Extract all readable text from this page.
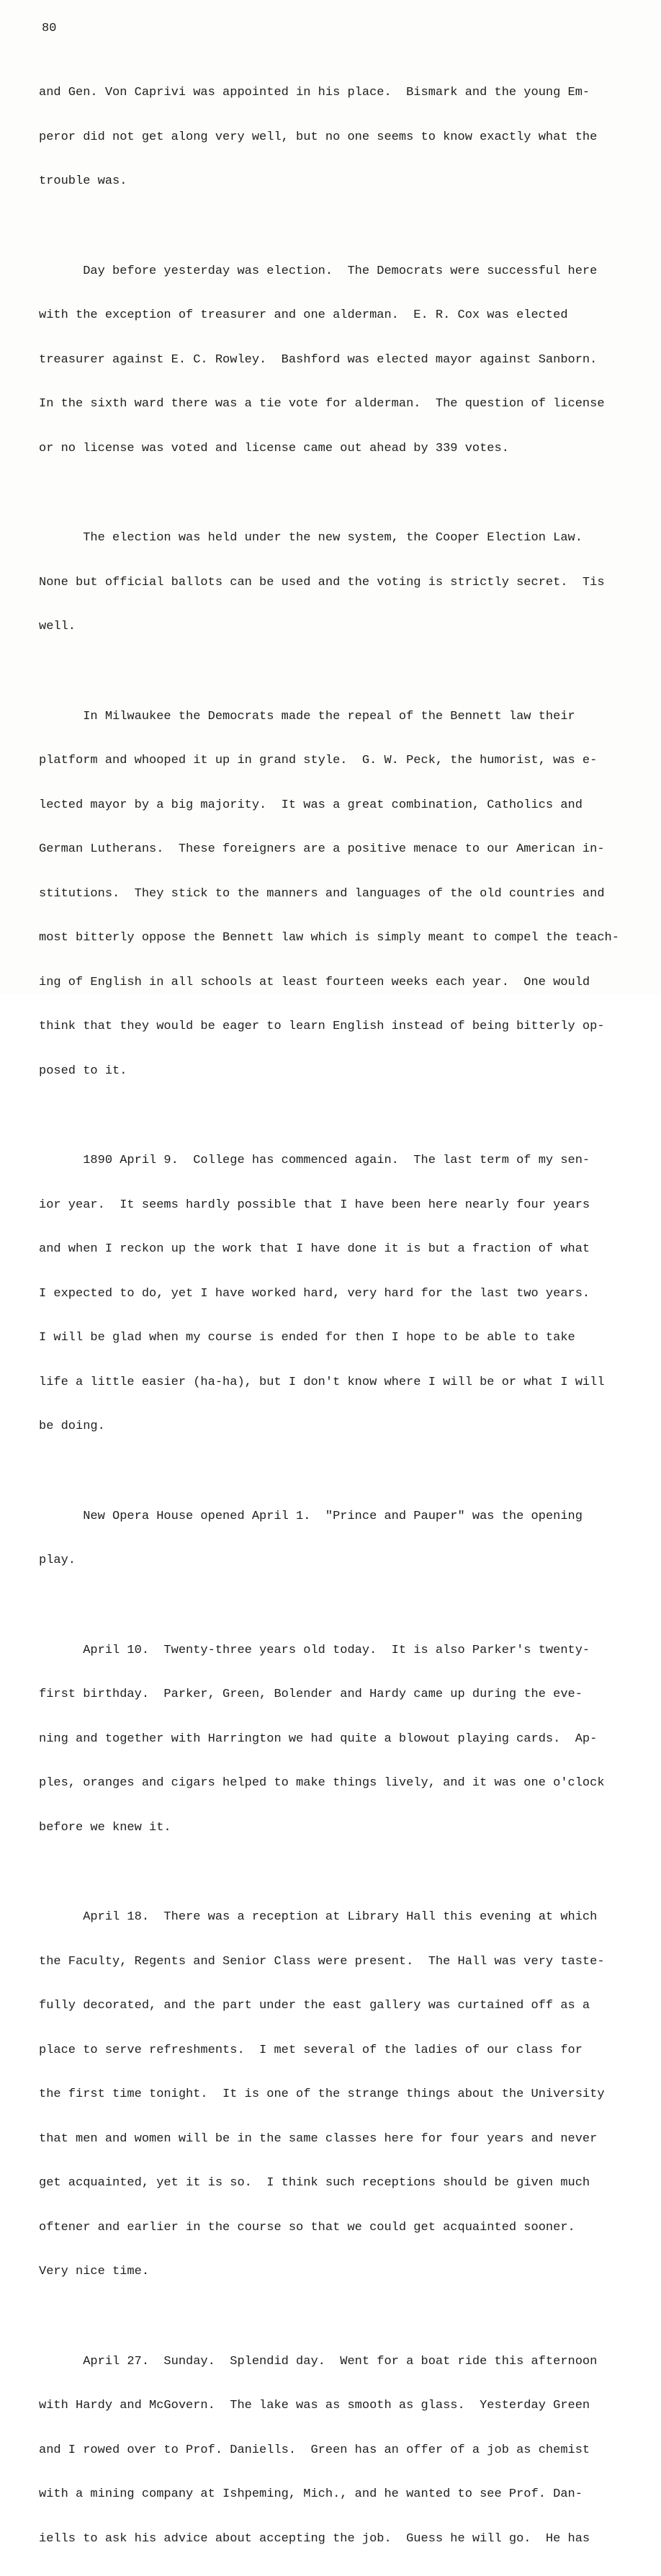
80

and Gen. Von Caprivi was appointed in his place.  Bismark and the young Em-

peror did not get along very well, but no one seems to know exactly what the

trouble was.

Day before yesterday was election.  The Democrats were successful here

with the exception of treasurer and one alderman.  E. R. Cox was elected

treasurer against E. C. Rowley.  Bashford was elected mayor against Sanborn.

In the sixth ward there was a tie vote for alderman.  The question of license

or no license was voted and license came out ahead by 339 votes.

The election was held under the new system, the Cooper Election Law.

None but official ballots can be used and the voting is strictly secret.  Tis

well.

In Milwaukee the Democrats made the repeal of the Bennett law their

platform and whooped it up in grand style.  G. W. Peck, the humorist, was e-

lected mayor by a big majority.  It was a great combination, Catholics and

German Lutherans.  These foreigners are a positive menace to our American in-

stitutions.  They stick to the manners and languages of the old countries and

most bitterly oppose the Bennett law which is simply meant to compel the teach-

ing of English in all schools at least fourteen weeks each year.  One would

think that they would be eager to learn English instead of being bitterly op-

posed to it.

1890 April 9.  College has commenced again.  The last term of my sen-

ior year.  It seems hardly possible that I have been here nearly four years

and when I reckon up the work that I have done it is but a fraction of what

I expected to do, yet I have worked hard, very hard for the last two years.

I will be glad when my course is ended for then I hope to be able to take

life a little easier (ha-ha), but I don't know where I will be or what I will

be doing.

New Opera House opened April 1.  "Prince and Pauper" was the opening

play.

April 10.  Twenty-three years old today.  It is also Parker's twenty-

first birthday.  Parker, Green, Bolender and Hardy came up during the eve-

ning and together with Harrington we had quite a blowout playing cards.  Ap-

ples, oranges and cigars helped to make things lively, and it was one o'clock

before we knew it.

April 18.  There was a reception at Library Hall this evening at which

the Faculty, Regents and Senior Class were present.  The Hall was very taste-

fully decorated, and the part under the east gallery was curtained off as a

place to serve refreshments.  I met several of the ladies of our class for

the first time tonight.  It is one of the strange things about the University

that men and women will be in the same classes here for four years and never

get acquainted, yet it is so.  I think such receptions should be given much

oftener and earlier in the course so that we could get acquainted sooner.

Very nice time.

April 27.  Sunday.  Splendid day.  Went for a boat ride this afternoon

with Hardy and McGovern.  The lake was as smooth as glass.  Yesterday Green

and I rowed over to Prof. Daniells.  Green has an offer of a job as chemist

with a mining company at Ishpeming, Mich., and he wanted to see Prof. Dan-

iells to ask his advice about accepting the job.  Guess he will go.  He has
